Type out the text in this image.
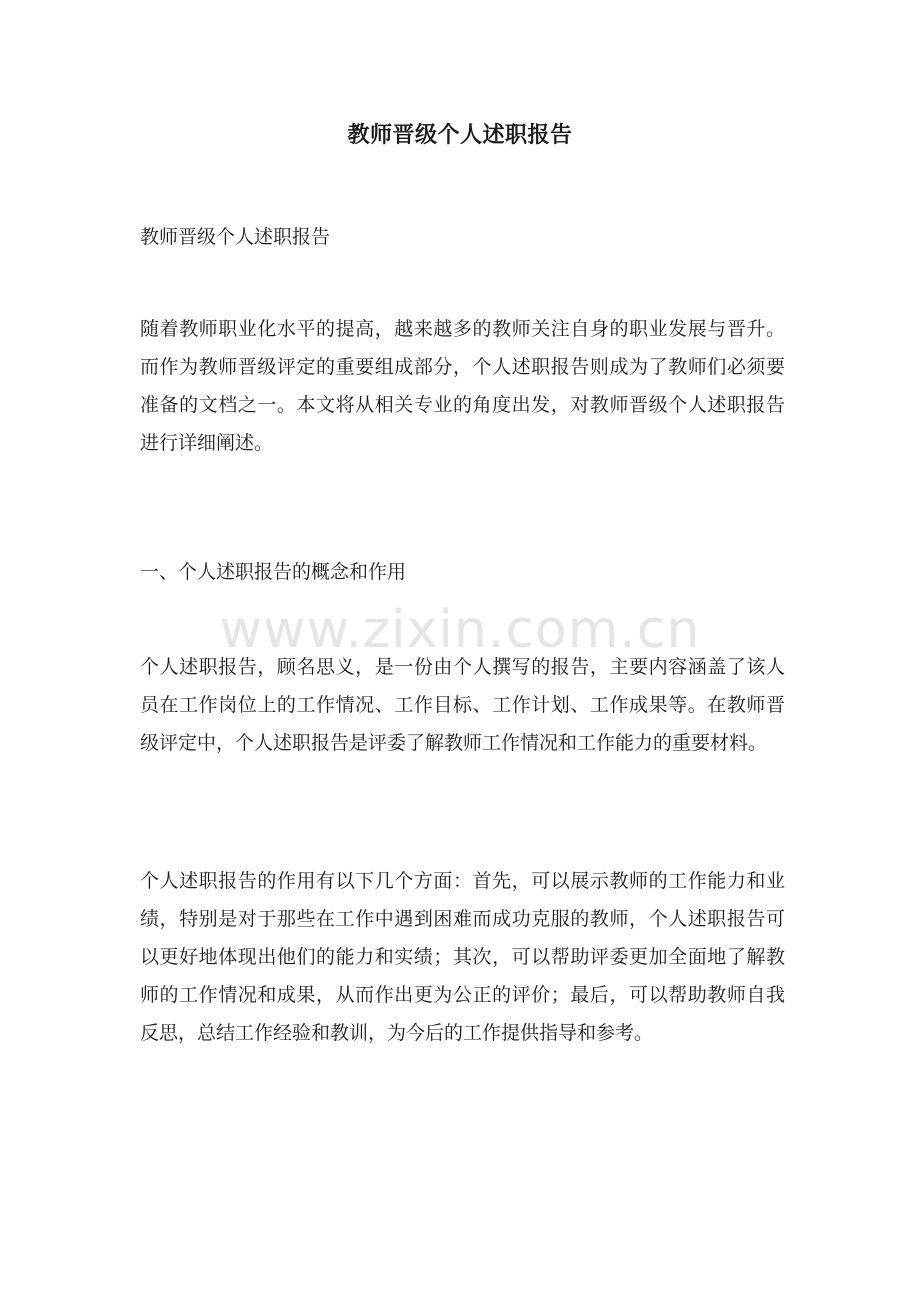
教师晋级个人述职报告

教师晋级个人述职报告

随着教师职业化水平的提高，越来越多的教师关注自身的职业发展与晋升。而作为教师晋级评定的重要组成部分，个人述职报告则成为了教师们必须要准备的文档之一。本文将从相关专业的角度出发，对教师晋级个人述职报告进行详细阐述。

一、个人述职报告的概念和作用

个人述职报告，顾名思义，是一份由个人撰写的报告，主要内容涵盖了该人员在工作岗位上的工作情况、工作目标、工作计划、工作成果等。在教师晋级评定中，个人述职报告是评委了解教师工作情况和工作能力的重要材料。

个人述职报告的作用有以下几个方面：首先，可以展示教师的工作能力和业绩，特别是对于那些在工作中遇到困难而成功克服的教师，个人述职报告可以更好地体现出他们的能力和实绩；其次，可以帮助评委更加全面地了解教师的工作情况和成果，从而作出更为公正的评价；最后，可以帮助教师自我反思，总结工作经验和教训，为今后的工作提供指导和参考。

www.zixin.com.cn
